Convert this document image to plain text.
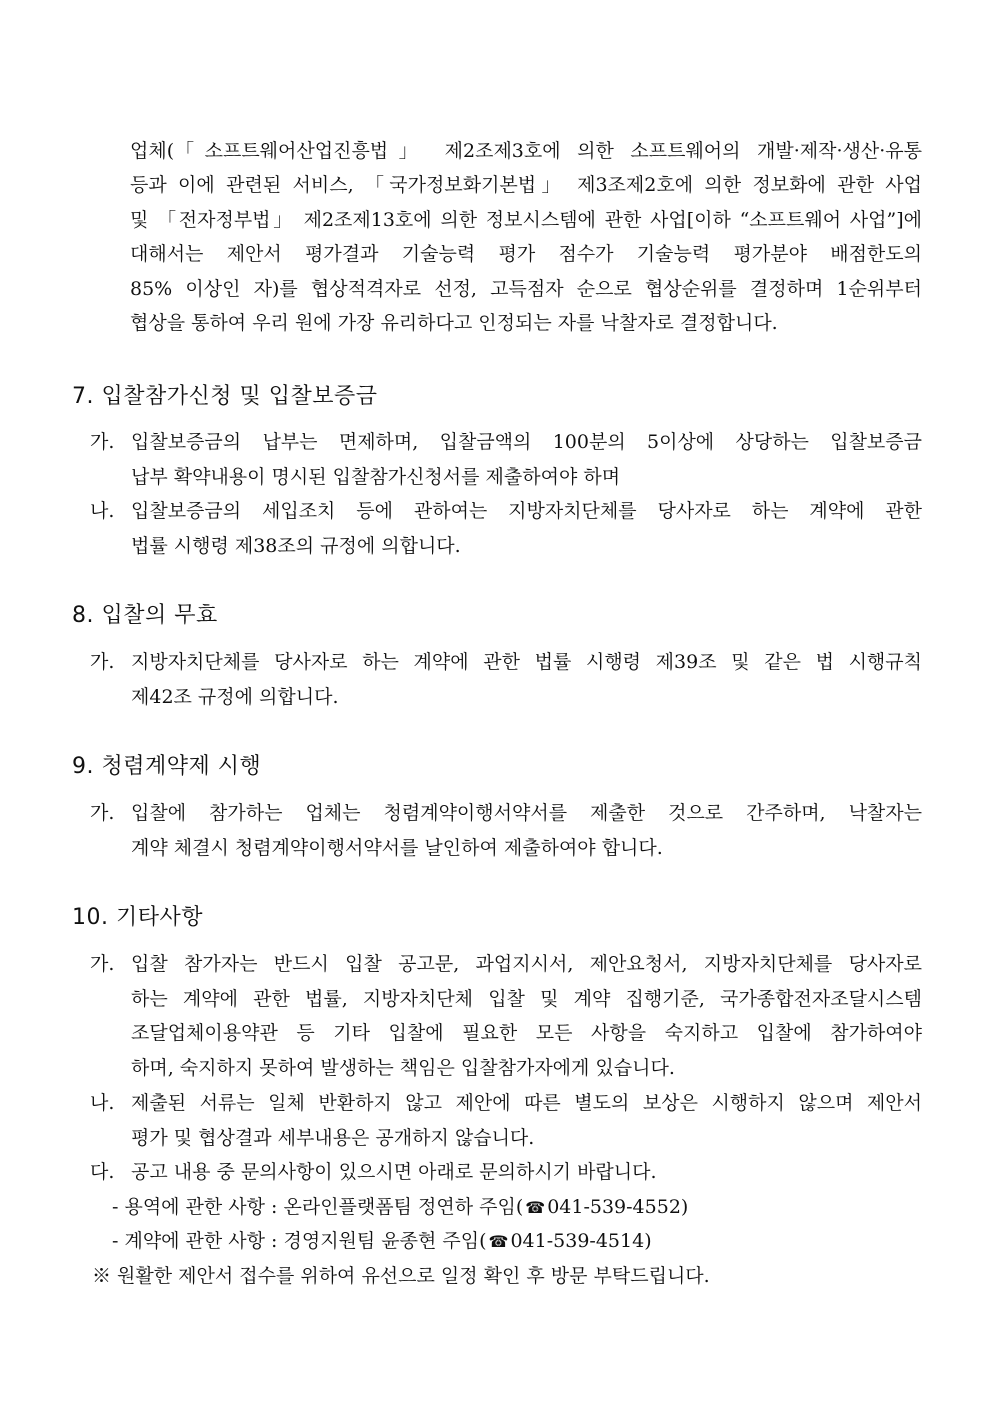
업체(「소프트웨어산업진흥법」 제2조제3호에 의한 소프트웨어의 개발·제작·생산·유통

등과 이에 관련된 서비스, 「국가정보화기본법」 제3조제2호에 의한 정보화에 관한 사업

및 「전자정부법」 제2조제13호에 의한 정보시스템에 관한 사업[이하 “소프트웨어 사업”]에

대해서는 제안서 평가결과 기술능력 평가 점수가 기술능력 평가분야 배점한도의

85% 이상인 자)를 협상적격자로 선정, 고득점자 순으로 협상순위를 결정하며 1순위부터

협상을 통하여 우리 원에 가장 유리하다고 인정되는 자를 낙찰자로 결정합니다.

7. 입찰참가신청 및 입찰보증금
가. 입찰보증금의 납부는 면제하며, 입찰금액의 100분의 5이상에 상당하는 입찰보증금
납부 확약내용이 명시된 입찰참가신청서를 제출하여야 하며
나. 입찰보증금의 세입조치 등에 관하여는 지방자치단체를 당사자로 하는 계약에 관한
법률 시행령 제38조의 규정에 의합니다.
8. 입찰의 무효
가. 지방자치단체를 당사자로 하는 계약에 관한 법률 시행령 제39조 및 같은 법 시행규칙
제42조 규정에 의합니다.
9. 청렴계약제 시행
가. 입찰에 참가하는 업체는 청렴계약이행서약서를 제출한 것으로 간주하며, 낙찰자는
계약 체결시 청렴계약이행서약서를 날인하여 제출하여야 합니다.
10. 기타사항
가. 입찰 참가자는 반드시 입찰 공고문, 과업지시서, 제안요청서, 지방자치단체를 당사자로
하는 계약에 관한 법률, 지방자치단체 입찰 및 계약 집행기준, 국가종합전자조달시스템
조달업체이용약관 등 기타 입찰에 필요한 모든 사항을 숙지하고 입찰에 참가하여야
하며, 숙지하지 못하여 발생하는 책임은 입찰참가자에게 있습니다.
나. 제출된 서류는 일체 반환하지 않고 제안에 따른 별도의 보상은 시행하지 않으며 제안서
평가 및 협상결과 세부내용은 공개하지 않습니다.
다. 공고 내용 중 문의사항이 있으시면 아래로 문의하시기 바랍니다.
- 용역에 관한 사항 : 온라인플랫폼팀 정연하 주임( ☎ 041-539-4552)
- 계약에 관한 사항 : 경영지원팀 윤종현 주임( ☎ 041-539-4514)
※ 원활한 제안서 접수를 위하여 유선으로 일정 확인 후 방문 부탁드립니다.
